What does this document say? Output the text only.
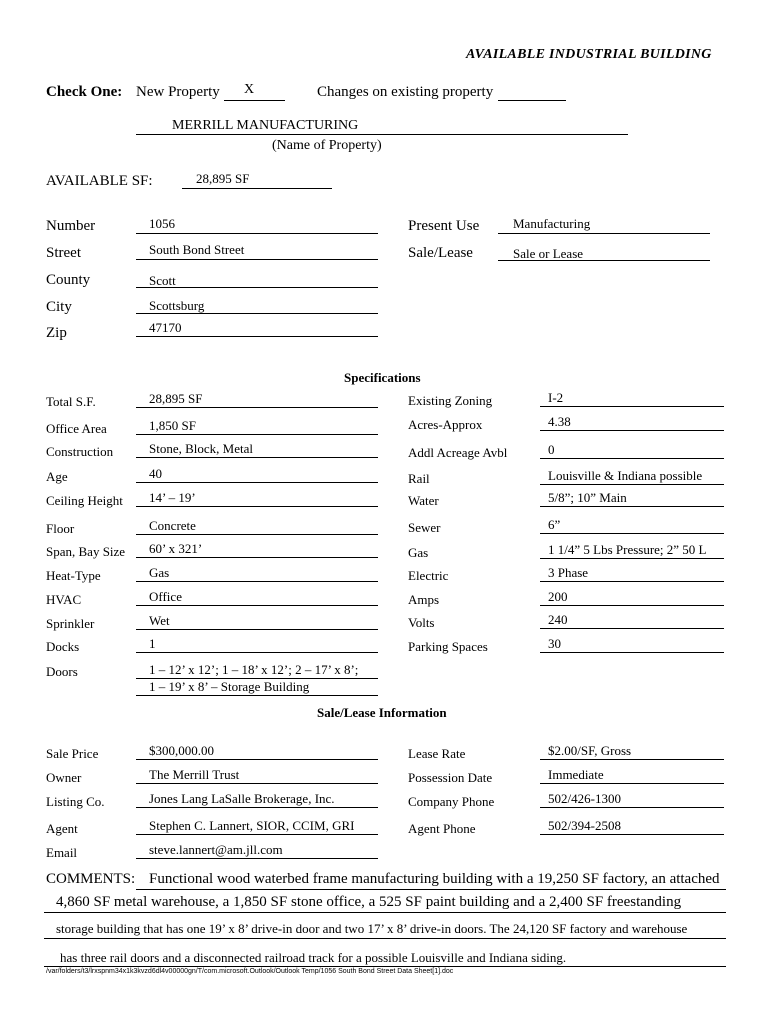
AVAILABLE INDUSTRIAL BUILDING
Check One: New Property X	Changes on existing property
MERRILL MANUFACTURING
(Name of Property)
AVAILABLE SF:	28,895 SF
Number	1056
Street	South Bond Street
County	Scott
City	Scottsburg
Zip	47170
Present Use	Manufacturing
Sale/Lease	Sale or Lease
Specifications
Total S.F.	28,895 SF
Office Area	1,850 SF
Construction	Stone, Block, Metal
Age	40
Ceiling Height 14’ – 19’
Floor	Concrete
Span, Bay Size 60’ x 321’
Heat-Type	Gas
HVAC	Office
Sprinkler	Wet
Docks	1
Existing Zoning	I-2
Acres-Approx	4.38
Addl Acreage Avbl	0
Rail	Louisville & Indiana possible
Water	5/8”; 10” Main
Sewer	6”
Gas	1 1/4” 5 Lbs Pressure; 2” 50 L
Electric	3 Phase
Amps	200
Volts	240
Parking Spaces	30
Doors	1 – 12’ x 12’; 1 – 18’ x 12’; 2 – 17’ x 8’;
1 – 19’ x 8’ – Storage Building
Sale/Lease Information
Sale Price	$300,000.00
Owner	The Merrill Trust
Listing Co.	Jones Lang LaSalle Brokerage, Inc.
Agent	Stephen C. Lannert, SIOR, CCIM, GRI
Email	steve.lannert@am.jll.com
Lease Rate	$2.00/SF, Gross
Possession Date	Immediate
Company Phone	502/426-1300
Agent Phone	502/394-2508
COMMENTS: Functional wood waterbed frame manufacturing building with a 19,250 SF factory, an attached
4,860 SF metal warehouse, a 1,850 SF stone office, a 525 SF paint building and a 2,400 SF freestanding
storage building that has one 19’ x 8’ drive-in door and two 17’ x 8’ drive-in doors. The 24,120 SF factory and warehouse
has three rail doors and a disconnected railroad track for a possible Louisville and Indiana siding.
/var/folders/t3/lrxspnm34x1k3kvzd6dl4v00000gn/T/com.microsoft.Outlook/Outlook Temp/1056 South Bond Street Data Sheet[1].doc
